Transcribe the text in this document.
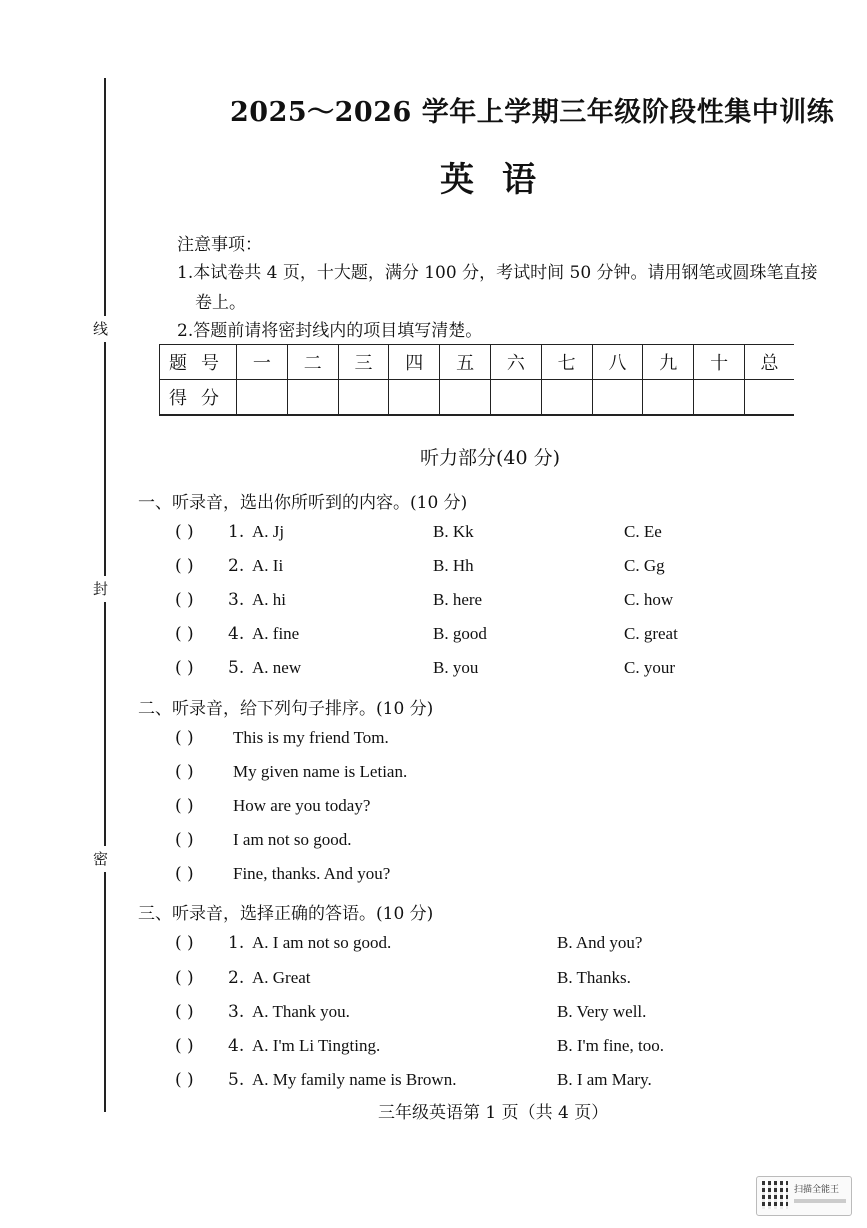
线
封
密
2025～2026 学年上学期三年级阶段性集中训练
英语
注意事项：
1.本试卷共 4 页，十大题，满分 100 分，考试时间 50 分钟。请用钢笔或圆珠笔直接
卷上。
2.答题前请将密封线内的项目填写清楚。
题号	一	二	三	四	五	六	七	八	九	十	总
得分											
听力部分(40 分)
一、听录音，选出你所听到的内容。(10 分)
( ) 1. A. Jj	B. Kk	C. Ee
( ) 2. A. Ii	B. Hh	C. Gg
( ) 3. A. hi	B. here	C. how
( ) 4. A. fine	B. good	C. great
( ) 5. A. new	B. you	C. your
二、听录音，给下列句子排序。(10 分)
( ) This is my friend Tom.
( ) My given name is Letian.
( ) How are you today?
( ) I am not so good.
( ) Fine, thanks. And you?
三、听录音，选择正确的答语。(10 分)
( ) 1. A. I am not so good.	B. And you?
( ) 2. A. Great	B. Thanks.
( ) 3. A. Thank you.	B. Very well.
( ) 4. A. I'm Li Tingting.	B. I'm fine, too.
( ) 5. A. My family name is Brown.	B. I am Mary.
三年级英语第 1 页（共 4 页）
扫描全能王
